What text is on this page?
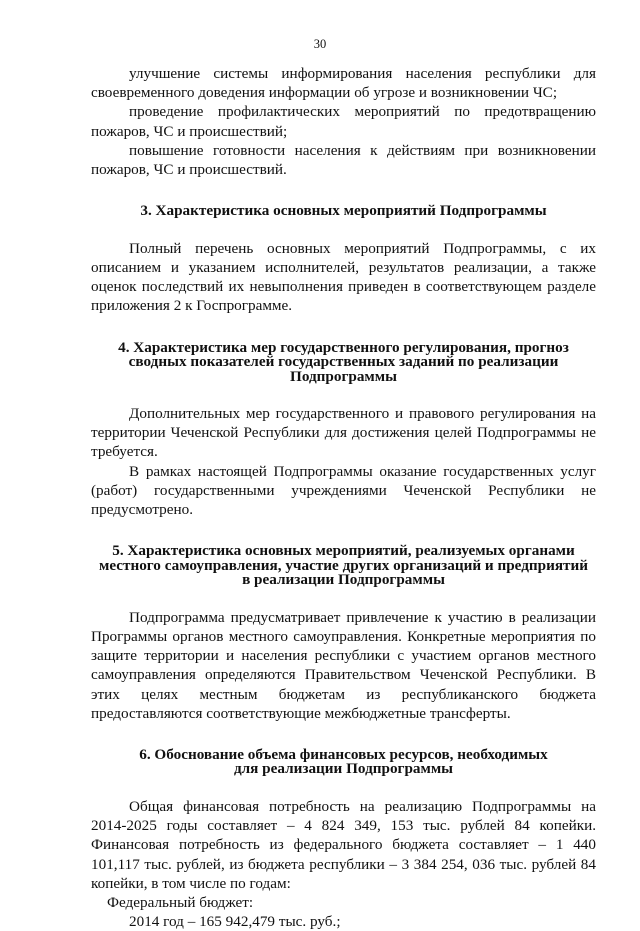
30

улучшение системы информирования населения республики для своевременного доведения информации об угрозе и возникновении ЧС;

проведение профилактических мероприятий по предотвращению пожаров, ЧС и происшествий;

повышение готовности населения к действиям при возникновении пожаров, ЧС и происшествий.

3. Характеристика основных мероприятий Подпрограммы

Полный перечень основных мероприятий Подпрограммы, с их описанием и указанием исполнителей, результатов реализации, а также оценок последствий их невыполнения приведен в соответствующем разделе приложения 2 к Госпрограмме.

4. Характеристика мер государственного регулирования, прогноз
сводных показателей государственных заданий по реализации
Подпрограммы

Дополнительных мер государственного и правового регулирования на территории Чеченской Республики для достижения целей Подпрограммы не требуется.

В рамках настоящей Подпрограммы оказание государственных услуг (работ) государственными учреждениями Чеченской Республики не предусмотрено.

5. Характеристика основных мероприятий, реализуемых органами
местного самоуправления, участие других организаций и предприятий
в реализации Подпрограммы

Подпрограмма предусматривает привлечение к участию в реализации Программы органов местного самоуправления. Конкретные мероприятия по защите территории и населения республики с участием органов местного самоуправления определяются Правительством Чеченской Республики. В этих целях местным бюджетам из республиканского бюджета предоставляются соответствующие межбюджетные трансферты.

6. Обоснование объема финансовых ресурсов, необходимых
для реализации Подпрограммы

Общая финансовая потребность на реализацию Подпрограммы на 2014-2025 годы составляет – 4 824 349, 153 тыс. рублей 84 копейки. Финансовая потребность из федерального бюджета составляет – 1 440 101,117 тыс. рублей, из бюджета республики – 3 384 254, 036 тыс. рублей 84 копейки, в том числе по годам:

Федеральный бюджет:

2014 год – 165 942,479 тыс. руб.;
